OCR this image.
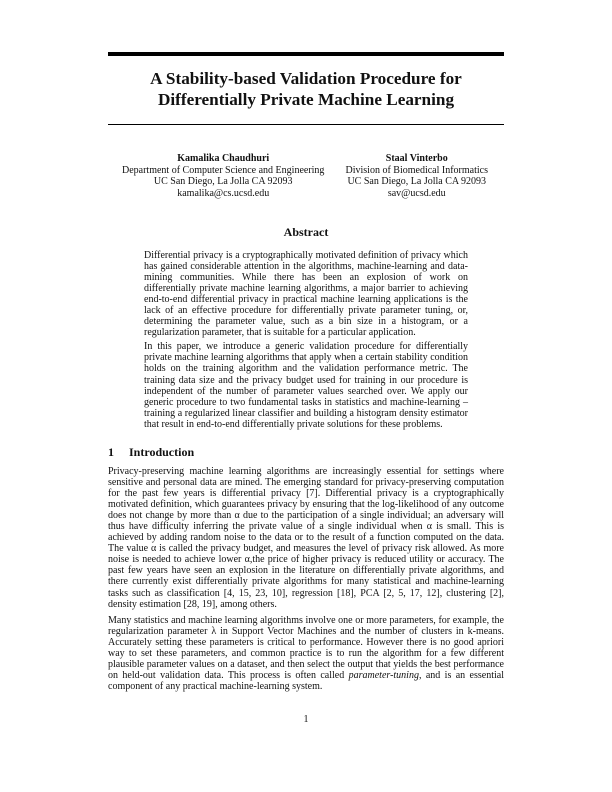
A Stability-based Validation Procedure for
Differentially Private Machine Learning
Kamalika Chaudhuri
Department of Computer Science and Engineering
UC San Diego, La Jolla CA 92093
kamalika@cs.ucsd.edu
Staal Vinterbo
Division of Biomedical Informatics
UC San Diego, La Jolla CA 92093
sav@ucsd.edu
Abstract

Differential privacy is a cryptographically motivated definition of privacy which has gained considerable attention in the algorithms, machine-learning and data-mining communities. While there has been an explosion of work on differentially private machine learning algorithms, a major barrier to achieving end-to-end differential privacy in practical machine learning applications is the lack of an effective procedure for differentially private parameter tuning, or, determining the parameter value, such as a bin size in a histogram, or a regularization parameter, that is suitable for a particular application.

In this paper, we introduce a generic validation procedure for differentially private machine learning algorithms that apply when a certain stability condition holds on the training algorithm and the validation performance metric. The training data size and the privacy budget used for training in our procedure is independent of the number of parameter values searched over. We apply our generic procedure to two fundamental tasks in statistics and machine-learning – training a regularized linear classifier and building a histogram density estimator that result in end-to-end differentially private solutions for these problems.

1 Introduction

Privacy-preserving machine learning algorithms are increasingly essential for settings where sensitive and personal data are mined. The emerging standard for privacy-preserving computation for the past few years is differential privacy [7]. Differential privacy is a cryptographically motivated definition, which guarantees privacy by ensuring that the log-likelihood of any outcome does not change by more than α due to the participation of a single individual; an adversary will thus have difficulty inferring the private value of a single individual when α is small. This is achieved by adding random noise to the data or to the result of a function computed on the data. The value α is called the privacy budget, and measures the level of privacy risk allowed. As more noise is needed to achieve lower α,the price of higher privacy is reduced utility or accuracy. The past few years have seen an explosion in the literature on differentially private algorithms, and there currently exist differentially private algorithms for many statistical and machine-learning tasks such as classification [4, 15, 23, 10], regression [18], PCA [2, 5, 17, 12], clustering [2], density estimation [28, 19], among others.

Many statistics and machine learning algorithms involve one or more parameters, for example, the regularization parameter λ in Support Vector Machines and the number of clusters in k-means. Accurately setting these parameters is critical to performance. However there is no good apriori way to set these parameters, and common practice is to run the algorithm for a few different plausible parameter values on a dataset, and then select the output that yields the best performance on held-out validation data. This process is often called parameter-tuning, and is an essential component of any practical machine-learning system.

1
